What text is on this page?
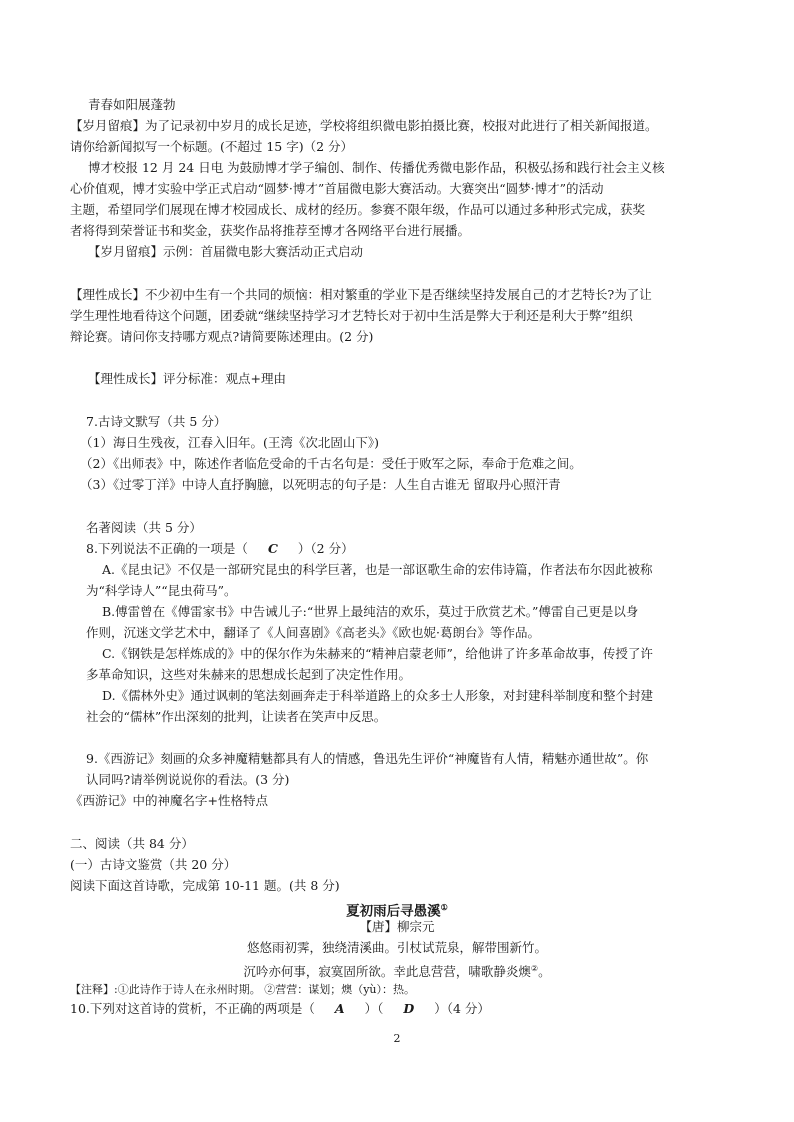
青春如阳展蓬勃
【岁月留痕】为了记录初中岁月的成长足迹，学校将组织微电影拍摄比赛，校报对此进行了相关新闻报道。
请你给新闻拟写一个标题。(不超过 15 字)（2 分）
博才校报 12 月 24 日电 为鼓励博才学子编创、制作、传播优秀微电影作品，积极弘扬和践行社会主义核
心价值观，博才实验中学正式启动“圆梦·博才”首届微电影大赛活动。大赛突出“圆梦·博才”的活动
主题，希望同学们展现在博才校园成长、成材的经历。参赛不限年级，作品可以通过多种形式完成，获奖
者将得到荣誉证书和奖金，获奖作品将推荐至博才各网络平台进行展播。
【岁月留痕】示例：首届微电影大赛活动正式启动
【理性成长】不少初中生有一个共同的烦恼：相对繁重的学业下是否继续坚持发展自己的才艺特长?为了让
学生理性地看待这个问题，团委就“继续坚持学习才艺特长对于初中生活是弊大于利还是利大于弊”组织
辩论赛。请问你支持哪方观点?请简要陈述理由。(2 分)
【理性成长】评分标准：观点+理由
7.古诗文默写（共 5 分）
（1）海日生残夜，江春入旧年。(王湾《次北固山下》)
（2）《出师表》中，陈述作者临危受命的千古名句是：受任于败军之际，奉命于危难之间。
（3）《过零丁洋》中诗人直抒胸臆，以死明志的句子是：人生自古谁无 留取丹心照汗青
名著阅读（共 5 分）
8.下列说法不正确的一项是（ C ）（2 分）
A.《昆虫记》不仅是一部研究昆虫的科学巨著，也是一部讴歌生命的宏伟诗篇，作者法布尔因此被称
为“科学诗人”“昆虫荷马”。
B.傅雷曾在《傅雷家书》中告诫儿子:“世界上最纯洁的欢乐，莫过于欣赏艺术。”傅雷自己更是以身
作则，沉迷文学艺术中，翻译了《人间喜剧》《高老头》《欧也妮·葛朗台》等作品。
C.《钢铁是怎样炼成的》中的保尔作为朱赫来的“精神启蒙老师”，给他讲了许多革命故事，传授了许
多革命知识，这些对朱赫来的思想成长起到了决定性作用。
D.《儒林外史》通过讽刺的笔法刻画奔走于科举道路上的众多士人形象，对封建科举制度和整个封建
社会的“儒林”作出深刻的批判，让读者在笑声中反思。
9.《西游记》刻画的众多神魔精魅都具有人的情感，鲁迅先生评价“神魔皆有人情，精魅亦通世故”。你
认同吗?请举例说说你的看法。(3 分)
《西游记》中的神魔名字+性格特点
二、阅读（共 84 分）
(一）古诗文鉴赏（共 20 分）
阅读下面这首诗歌，完成第 10-11 题。(共 8 分)
夏初雨后寻愚溪①
【唐】柳宗元
悠悠雨初霁，独绕清溪曲。引杖试荒泉，解带围新竹。
沉吟亦何事，寂寞固所欲。幸此息营营，啸歌静炎燠②。
【注释】:①此诗作于诗人在永州时期。 ②营营：谋划；燠（yù）：热。
10.下列对这首诗的赏析，不正确的两项是（ A ）（ D ）（4 分）
2
